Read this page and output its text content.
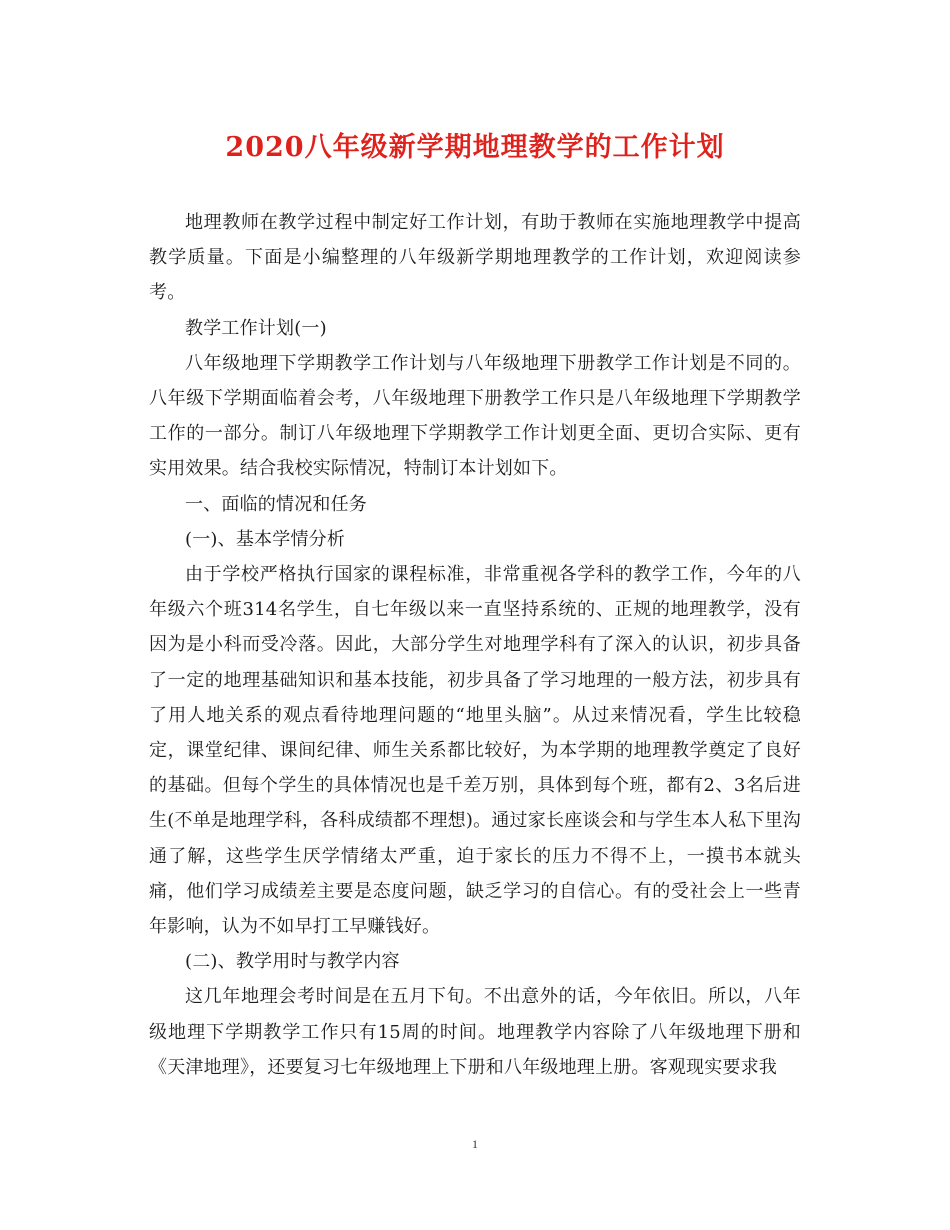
2020八年级新学期地理教学的工作计划

地理教师在教学过程中制定好工作计划，有助于教师在实施地理教学中提高教学质量。下面是小编整理的八年级新学期地理教学的工作计划，欢迎阅读参考。

教学工作计划(一)

八年级地理下学期教学工作计划与八年级地理下册教学工作计划是不同的。八年级下学期面临着会考，八年级地理下册教学工作只是八年级地理下学期教学工作的一部分。制订八年级地理下学期教学工作计划更全面、更切合实际、更有实用效果。结合我校实际情况，特制订本计划如下。

一、面临的情况和任务

(一)、基本学情分析

由于学校严格执行国家的课程标准，非常重视各学科的教学工作，今年的八年级六个班314名学生，自七年级以来一直坚持系统的、正规的地理教学，没有因为是小科而受冷落。因此，大部分学生对地理学科有了深入的认识，初步具备了一定的地理基础知识和基本技能，初步具备了学习地理的一般方法，初步具有了用人地关系的观点看待地理问题的“地里头脑”。从过来情况看，学生比较稳定，课堂纪律、课间纪律、师生关系都比较好，为本学期的地理教学奠定了良好的基础。但每个学生的具体情况也是千差万别，具体到每个班，都有2、3名后进生(不单是地理学科，各科成绩都不理想)。通过家长座谈会和与学生本人私下里沟通了解，这些学生厌学情绪太严重，迫于家长的压力不得不上，一摸书本就头痛，他们学习成绩差主要是态度问题，缺乏学习的自信心。有的受社会上一些青年影响，认为不如早打工早赚钱好。

(二)、教学用时与教学内容

这几年地理会考时间是在五月下旬。不出意外的话，今年依旧。所以，八年级地理下学期教学工作只有15周的时间。地理教学内容除了八年级地理下册和《天津地理》，还要复习七年级地理上下册和八年级地理上册。客观现实要求我

1
